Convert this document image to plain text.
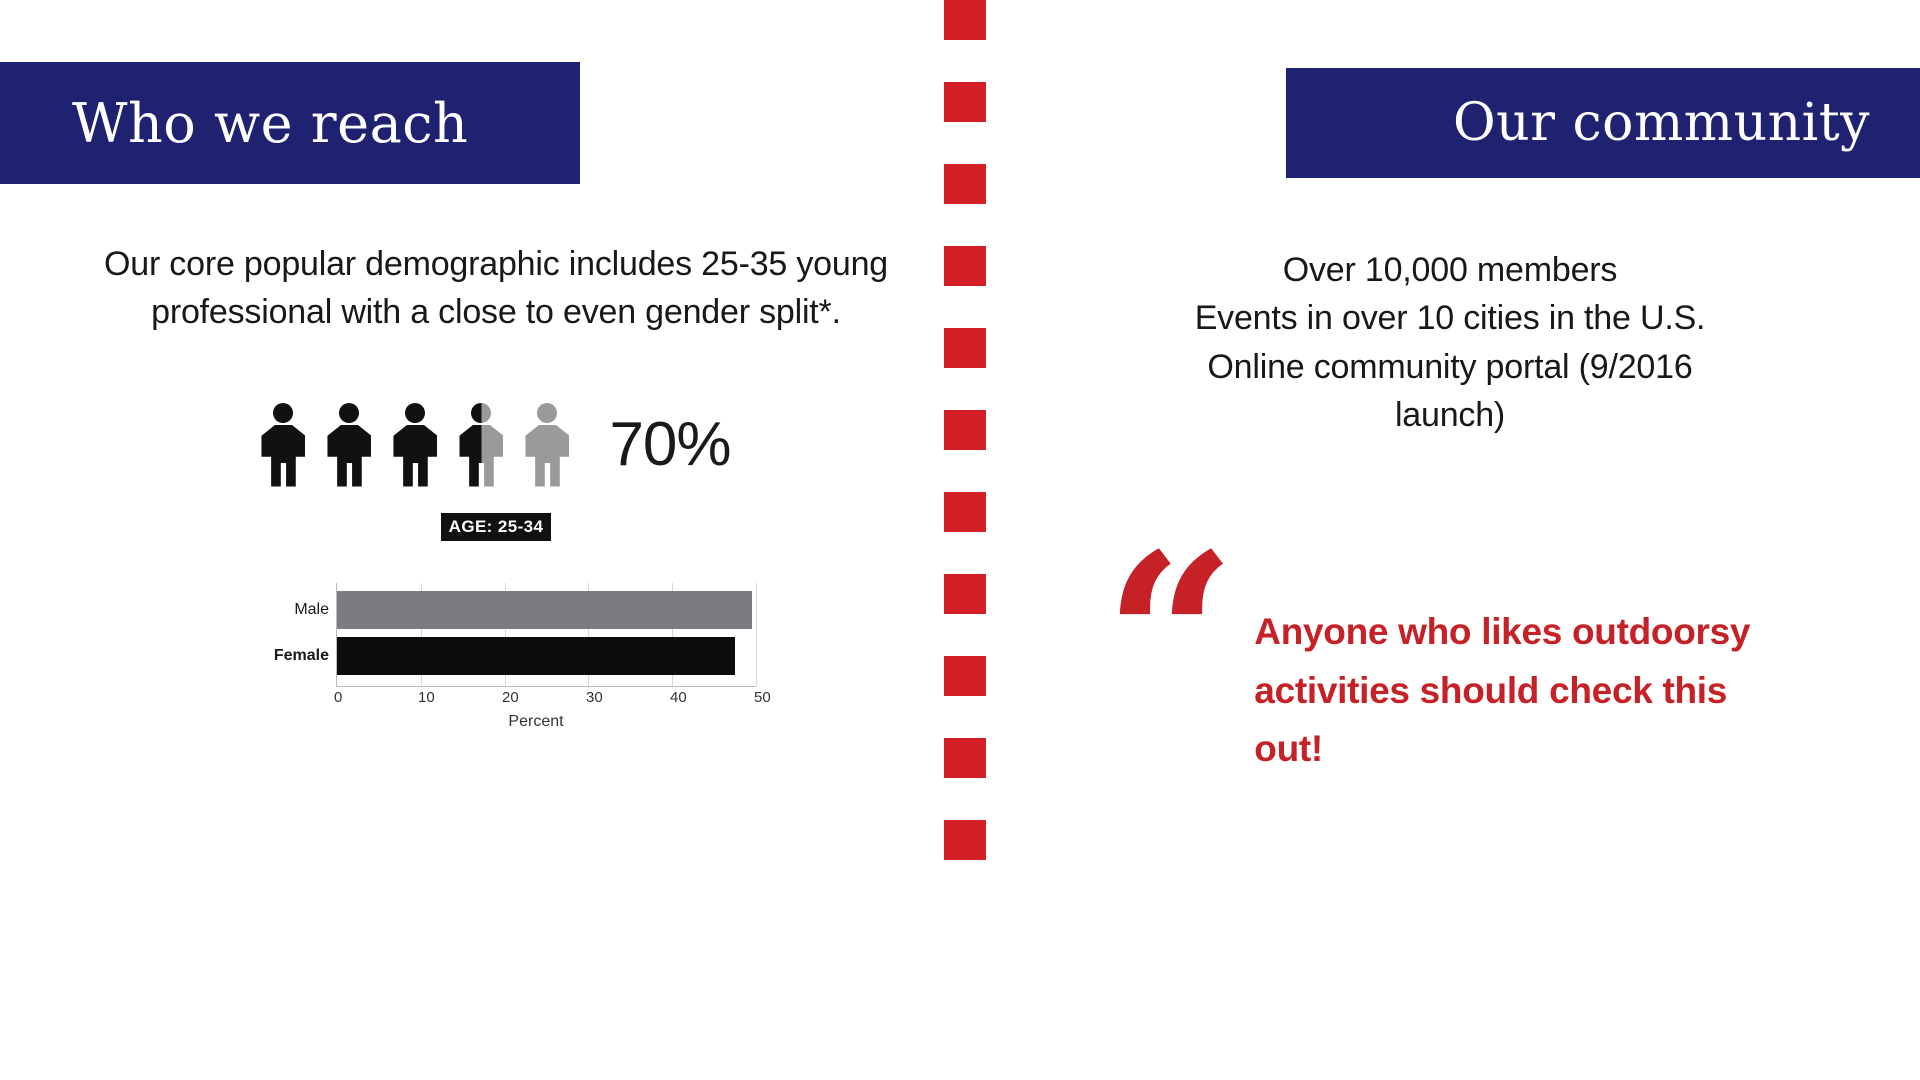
Who we reach	Our community
Our core popular demographic includes 25-35 young professional with a close to even gender split*.
70%
AGE: 25-34
Male
Female
0	10	20	30	40	50
Percent
Over 10,000 members
Events in over 10 cities in the U.S.
Online community portal (9/2016
launch)
“ Anyone who likes outdoorsy activities should check this out!
